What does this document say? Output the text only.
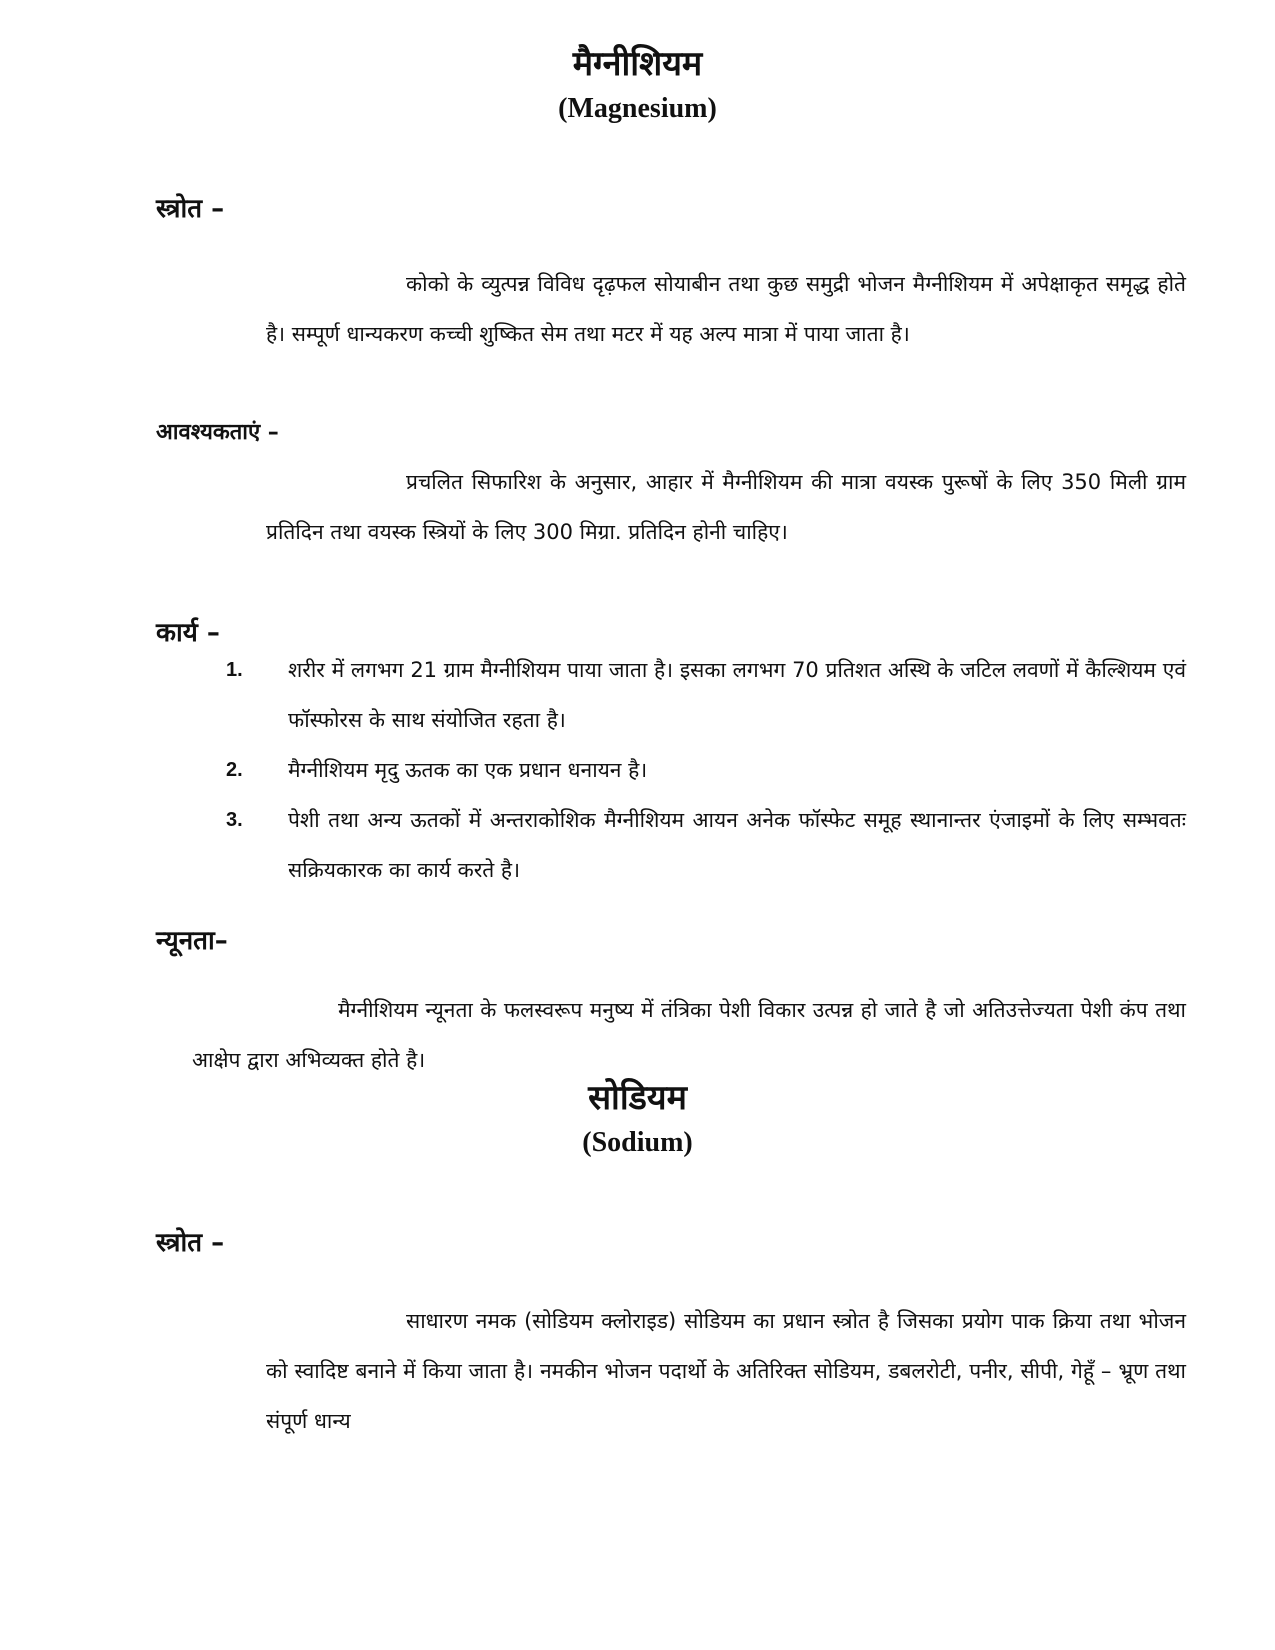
मैग्नीशियम
(Magnesium)
स्त्रोत –
कोको के व्युत्पन्न विविध दृढ़फल सोयाबीन तथा कुछ समुद्री भोजन मैग्नीशियम में अपेक्षाकृत समृद्ध होते है। सम्पूर्ण धान्यकरण कच्ची शुष्कित सेम तथा मटर में यह अल्प मात्रा में पाया जाता है।
आवश्यकताएं –
प्रचलित सिफारिश के अनुसार, आहार में मैग्नीशियम की मात्रा वयस्क पुरूषों के लिए 350 मिली ग्राम प्रतिदिन तथा वयस्क स्त्रियों के लिए 300 मिग्रा. प्रतिदिन होनी चाहिए।
कार्य –
1.	शरीर में लगभग 21 ग्राम मैग्नीशियम पाया जाता है। इसका लगभग 70 प्रतिशत अस्थि के जटिल लवणों में कैल्शियम एवं फॉस्फोरस के साथ संयोजित रहता है।
2.	मैग्नीशियम मृदु ऊतक का एक प्रधान धनायन है।
3.	पेशी तथा अन्य ऊतकों में अन्तराकोशिक मैग्नीशियम आयन अनेक फॉस्फेट समूह स्थानान्तर एंजाइमों के लिए सम्भवतः सक्रियकारक का कार्य करते है।
न्यूनता–
मैग्नीशियम न्यूनता के फलस्वरूप मनुष्य में तंत्रिका पेशी विकार उत्पन्न हो जाते है जो अतिउत्तेज्यता पेशी कंप तथा आक्षेप द्वारा अभिव्यक्त होते है।
सोडियम
(Sodium)
स्त्रोत –
साधारण नमक (सोडियम क्लोराइड) सोडियम का प्रधान स्त्रोत है जिसका प्रयोग पाक क्रिया तथा भोजन को स्वादिष्ट बनाने में किया जाता है। नमकीन भोजन पदार्थो के अतिरिक्त सोडियम, डबलरोटी, पनीर, सीपी, गेहूँ – भ्रूण तथा संपूर्ण धान्य
